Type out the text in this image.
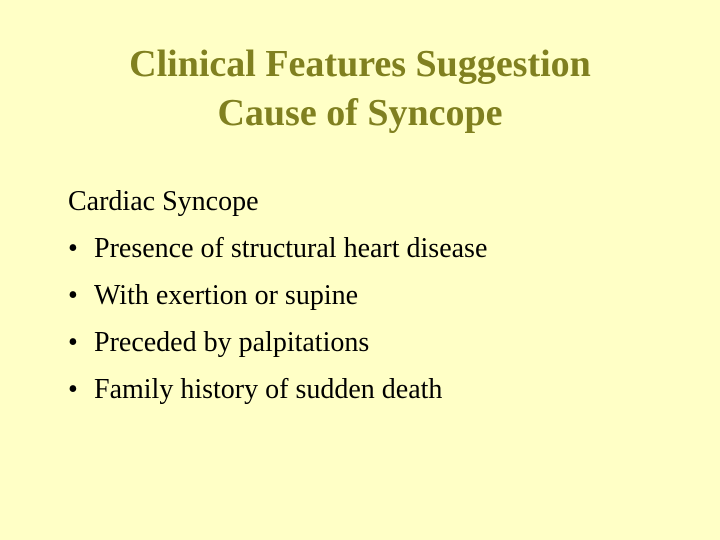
Clinical Features Suggestion
Cause of Syncope
Cardiac Syncope
• Presence of structural heart disease
• With exertion or supine
• Preceded by palpitations
• Family history of sudden death
